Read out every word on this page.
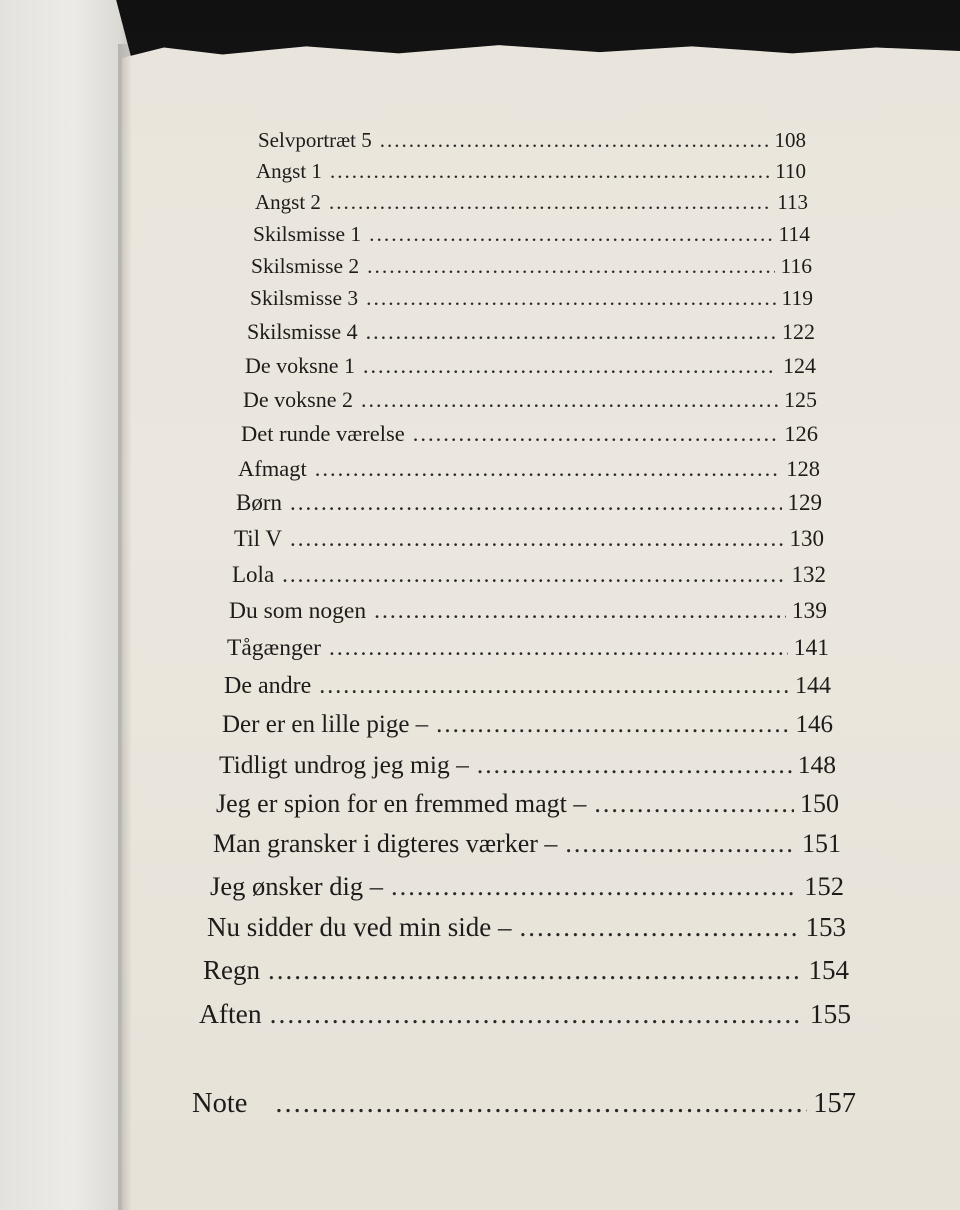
Selvportræt 5 .....	108
Angst 1 .....	110
Angst 2 .....	113
Skilsmisse 1 .....	114
Skilsmisse 2 .....	116
Skilsmisse 3 .....	119
Skilsmisse 4 .....	122
De voksne 1 .....	124
De voksne 2 .....	125
Det runde værelse .....	126
Afmagt .....	128
Børn .....	129
Til V .....	130
Lola .....	132
Du som nogen .....	139
Tågænger .....	141
De andre .....	144
Der er en lille pige – .....	146
Tidligt undrog jeg mig – .....	148
Jeg er spion for en fremmed magt – .....	150
Man gransker i digteres værker – .....	151
Jeg ønsker dig – .....	152
Nu sidder du ved min side – .....	153
Regn .....	154
Aften .....	155
Note .....	157
